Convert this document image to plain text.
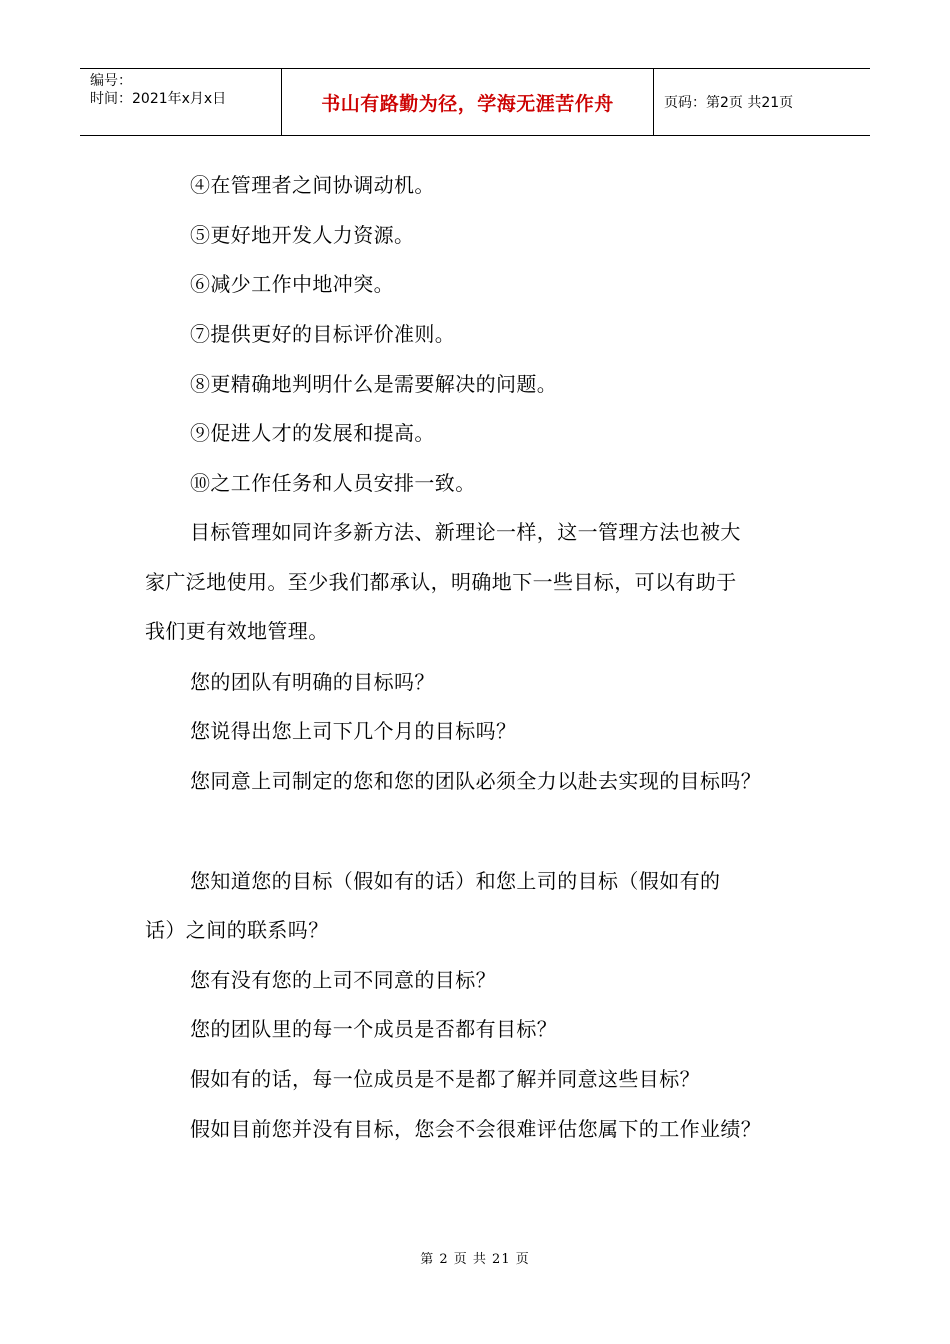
编号：
时间：2021年x月x日	书山有路勤为径，学海无涯苦作舟	页码：第2页 共21页
④在管理者之间协调动机。
⑤更好地开发人力资源。
⑥减少工作中地冲突。
⑦提供更好的目标评价准则。
⑧更精确地判明什么是需要解决的问题。
⑨促进人才的发展和提高。
⑩之工作任务和人员安排一致。
目标管理如同许多新方法、新理论一样，这一管理方法也被大
家广泛地使用。至少我们都承认，明确地下一些目标，可以有助于
我们更有效地管理。
您的团队有明确的目标吗？
您说得出您上司下几个月的目标吗？
您同意上司制定的您和您的团队必须全力以赴去实现的目标吗？
您知道您的目标（假如有的话）和您上司的目标（假如有的
话）之间的联系吗？
您有没有您的上司不同意的目标？
您的团队里的每一个成员是否都有目标？
假如有的话，每一位成员是不是都了解并同意这些目标？
假如目前您并没有目标，您会不会很难评估您属下的工作业绩？
第 2 页 共 21 页
